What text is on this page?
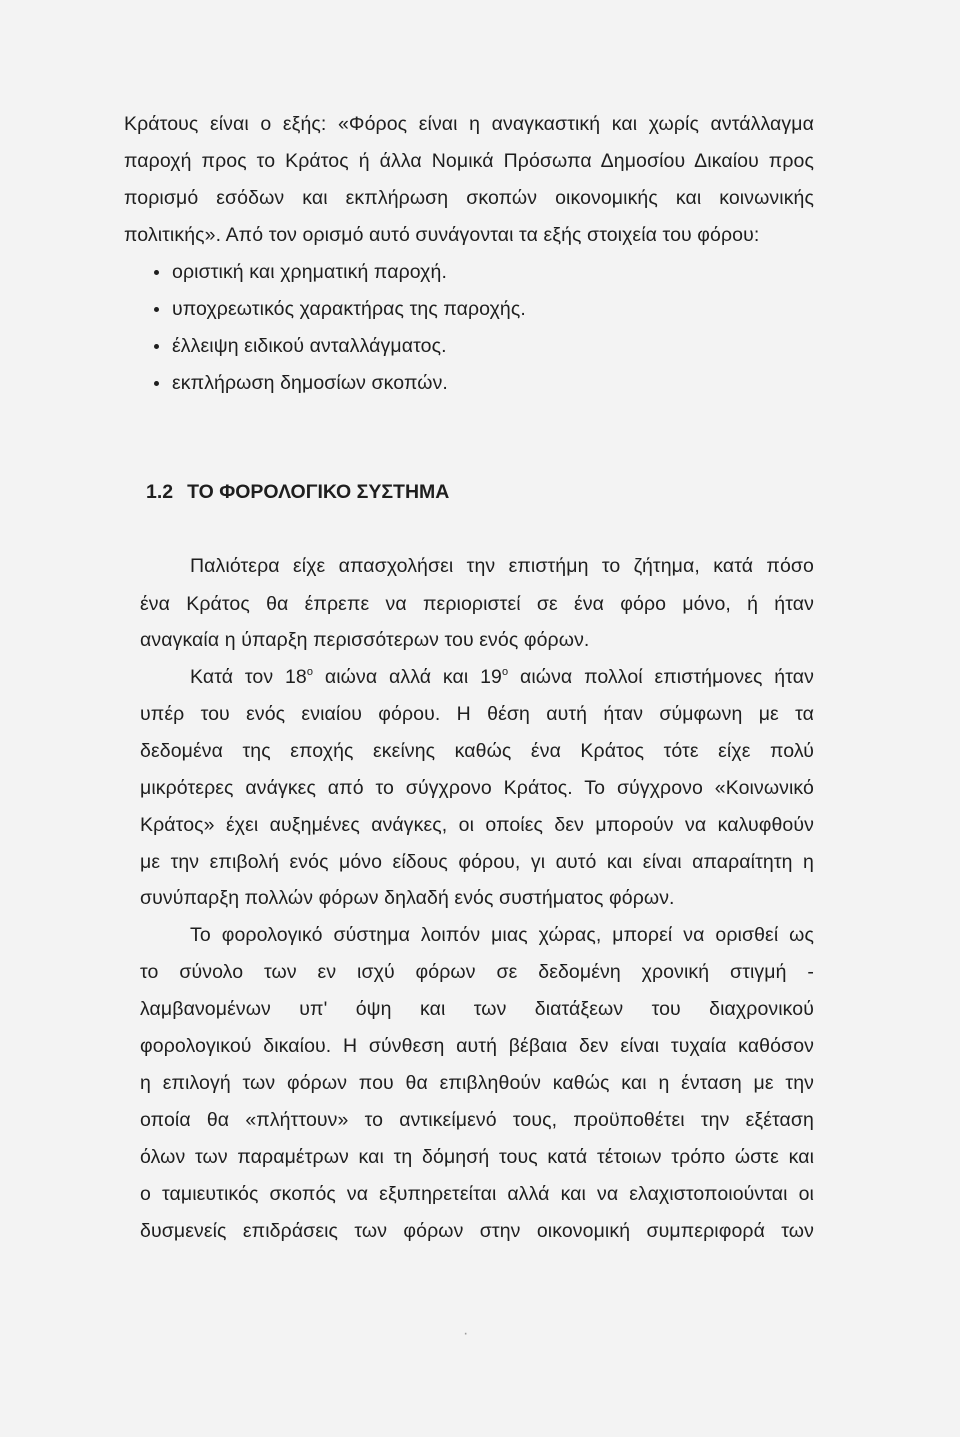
Κράτους είναι ο εξής: «Φόρος είναι η αναγκαστική και χωρίς αντάλλαγμα
παροχή προς το Κράτος ή άλλα Νομικά Πρόσωπα Δημοσίου Δικαίου προς
πορισμό εσόδων και εκπλήρωση σκοπών οικονομικής και κοινωνικής
πολιτικής». Από τον ορισμό αυτό συνάγονται τα εξής στοιχεία του φόρου:
οριστική και χρηματική παροχή.
υποχρεωτικός χαρακτήρας της παροχής.
έλλειψη ειδικού ανταλλάγματος.
εκπλήρωση δημοσίων σκοπών.
1.2 ΤΟ ΦΟΡΟΛΟΓΙΚΟ ΣΥΣΤΗΜΑ
Παλιότερα είχε απασχολήσει την επιστήμη το ζήτημα, κατά πόσο
ένα Κράτος θα έπρεπε να περιοριστεί σε ένα φόρο μόνο, ή ήταν
αναγκαία η ύπαρξη περισσότερων του ενός φόρων.
Κατά τον $18^o$ αιώνα αλλά και $19^o$ αιώνα πολλοί επιστήμονες ήταν
υπέρ του ενός ενιαίου φόρου. Η θέση αυτή ήταν σύμφωνη με τα
δεδομένα της εποχής εκείνης καθώς ένα Κράτος τότε είχε πολύ
μικρότερες ανάγκες από το σύγχρονο Κράτος. Το σύγχρονο «Κοινωνικό
Κράτος» έχει αυξημένες ανάγκες, οι οποίες δεν μπορούν να καλυφθούν
με την επιβολή ενός μόνο είδους φόρου, γι αυτό και είναι απαραίτητη η
συνύπαρξη πολλών φόρων δηλαδή ενός συστήματος φόρων.
Το φορολογικό σύστημα λοιπόν μιας χώρας, μπορεί να ορισθεί ως
το σύνολο των εν ισχύ φόρων σε δεδομένη χρονική στιγμή -
λαμβανομένων υπ' όψη και των διατάξεων του διαχρονικού
φορολογικού δικαίου. Η σύνθεση αυτή βέβαια δεν είναι τυχαία καθόσον
η επιλογή των φόρων που θα επιβληθούν καθώς και η ένταση με την
οποία θα «πλήττουν» το αντικείμενό τους, προϋποθέτει την εξέταση
όλων των παραμέτρων και τη δόμησή τους κατά τέτοιων τρόπο ώστε και
ο ταμιευτικός σκοπός να εξυπηρετείται αλλά και να ελαχιστοποιούνται οι
δυσμενείς επιδράσεις των φόρων στην οικονομική συμπεριφορά των
·
